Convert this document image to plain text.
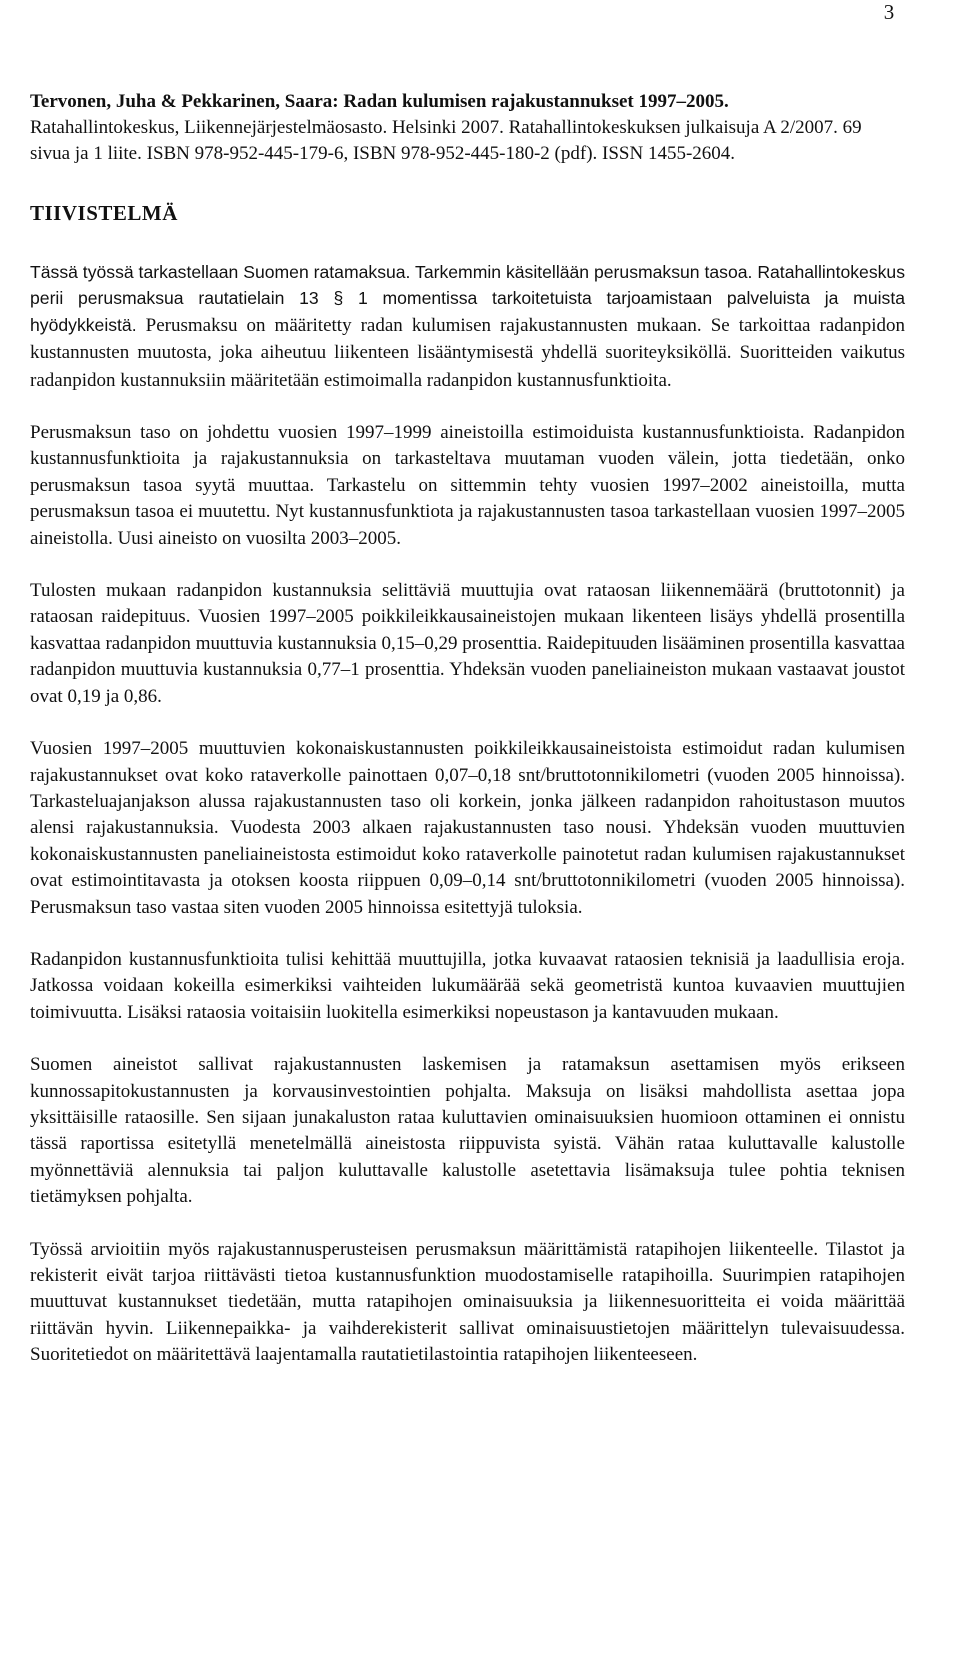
3

Tervonen, Juha & Pekkarinen, Saara: Radan kulumisen rajakustannukset 1997–2005.
Ratahallintokeskus, Liikennejärjestelmäosasto. Helsinki 2007. Ratahallintokeskuksen julkaisuja A 2/2007. 69 sivua ja 1 liite. ISBN 978-952-445-179-6, ISBN 978-952-445-180-2 (pdf). ISSN 1455-2604.

TIIVISTELMÄ

Tässä työssä tarkastellaan Suomen ratamaksua. Tarkemmin käsitellään perusmaksun tasoa. Ratahallintokeskus perii perusmaksua rautatielain 13 § 1 momentissa tarkoitetuista tarjoamistaan palveluista ja muista hyödykkeistä. Perusmaksu on määritetty radan kulumisen rajakustannusten mukaan. Se tarkoittaa radanpidon kustannusten muutosta, joka aiheutuu liikenteen lisääntymisestä yhdellä suoriteyksiköllä. Suoritteiden vaikutus radanpidon kustannuksiin määritetään estimoimalla radanpidon kustannusfunktioita.

Perusmaksun taso on johdettu vuosien 1997–1999 aineistoilla estimoiduista kustannusfunktioista. Radanpidon kustannusfunktioita ja rajakustannuksia on tarkasteltava muutaman vuoden välein, jotta tiedetään, onko perusmaksun tasoa syytä muuttaa. Tarkastelu on sittemmin tehty vuosien 1997–2002 aineistoilla, mutta perusmaksun tasoa ei muutettu. Nyt kustannusfunktiota ja rajakustannusten tasoa tarkastellaan vuosien 1997–2005 aineistolla. Uusi aineisto on vuosilta 2003–2005.

Tulosten mukaan radanpidon kustannuksia selittäviä muuttujia ovat rataosan liikennemäärä (bruttotonnit) ja rataosan raidepituus. Vuosien 1997–2005 poikkileikkausaineistojen mukaan likenteen lisäys yhdellä prosentilla kasvattaa radanpidon muuttuvia kustannuksia 0,15–0,29 prosenttia. Raidepituuden lisääminen prosentilla kasvattaa radanpidon muuttuvia kustannuksia 0,77–1 prosenttia. Yhdeksän vuoden paneliaineiston mukaan vastaavat joustot ovat 0,19 ja 0,86.

Vuosien 1997–2005 muuttuvien kokonaiskustannusten poikkileikkausaineistoista estimoidut radan kulumisen rajakustannukset ovat koko rataverkolle painottaen 0,07–0,18 snt/bruttotonnikilometri (vuoden 2005 hinnoissa). Tarkasteluajanjakson alussa rajakustannusten taso oli korkein, jonka jälkeen radanpidon rahoitustason muutos alensi rajakustannuksia. Vuodesta 2003 alkaen rajakustannusten taso nousi. Yhdeksän vuoden muuttuvien kokonaiskustannusten paneliaineistosta estimoidut koko rataverkolle painotetut radan kulumisen rajakustannukset ovat estimointitavasta ja otoksen koosta riippuen 0,09–0,14 snt/bruttotonnikilometri (vuoden 2005 hinnoissa). Perusmaksun taso vastaa siten vuoden 2005 hinnoissa esitettyjä tuloksia.

Radanpidon kustannusfunktioita tulisi kehittää muuttujilla, jotka kuvaavat rataosien teknisiä ja laadullisia eroja. Jatkossa voidaan kokeilla esimerkiksi vaihteiden lukumäärää sekä geometristä kuntoa kuvaavien muuttujien toimivuutta. Lisäksi rataosia voitaisiin luokitella esimerkiksi nopeustason ja kantavuuden mukaan.

Suomen aineistot sallivat rajakustannusten laskemisen ja ratamaksun asettamisen myös erikseen kunnossapitokustannusten ja korvausinvestointien pohjalta. Maksuja on lisäksi mahdollista asettaa jopa yksittäisille rataosille. Sen sijaan junakaluston rataa kuluttavien ominaisuuksien huomioon ottaminen ei onnistu tässä raportissa esitetyllä menetelmällä aineistosta riippuvista syistä. Vähän rataa kuluttavalle kalustolle myönnettäviä alennuksia tai paljon kuluttavalle kalustolle asetettavia lisämaksuja tulee pohtia teknisen tietämyksen pohjalta.

Työssä arvioitiin myös rajakustannusperusteisen perusmaksun määrittämistä ratapihojen liikenteelle. Tilastot ja rekisterit eivät tarjoa riittävästi tietoa kustannusfunktion muodostamiselle ratapihoilla. Suurimpien ratapihojen muuttuvat kustannukset tiedetään, mutta ratapihojen ominaisuuksia ja liikennesuoritteita ei voida määrittää riittävän hyvin. Liikennepaikka- ja vaihderekisterit sallivat ominaisuustietojen määrittelyn tulevaisuudessa. Suoritetiedot on määritettävä laajentamalla rautatietilastointia ratapihojen liikenteeseen.
